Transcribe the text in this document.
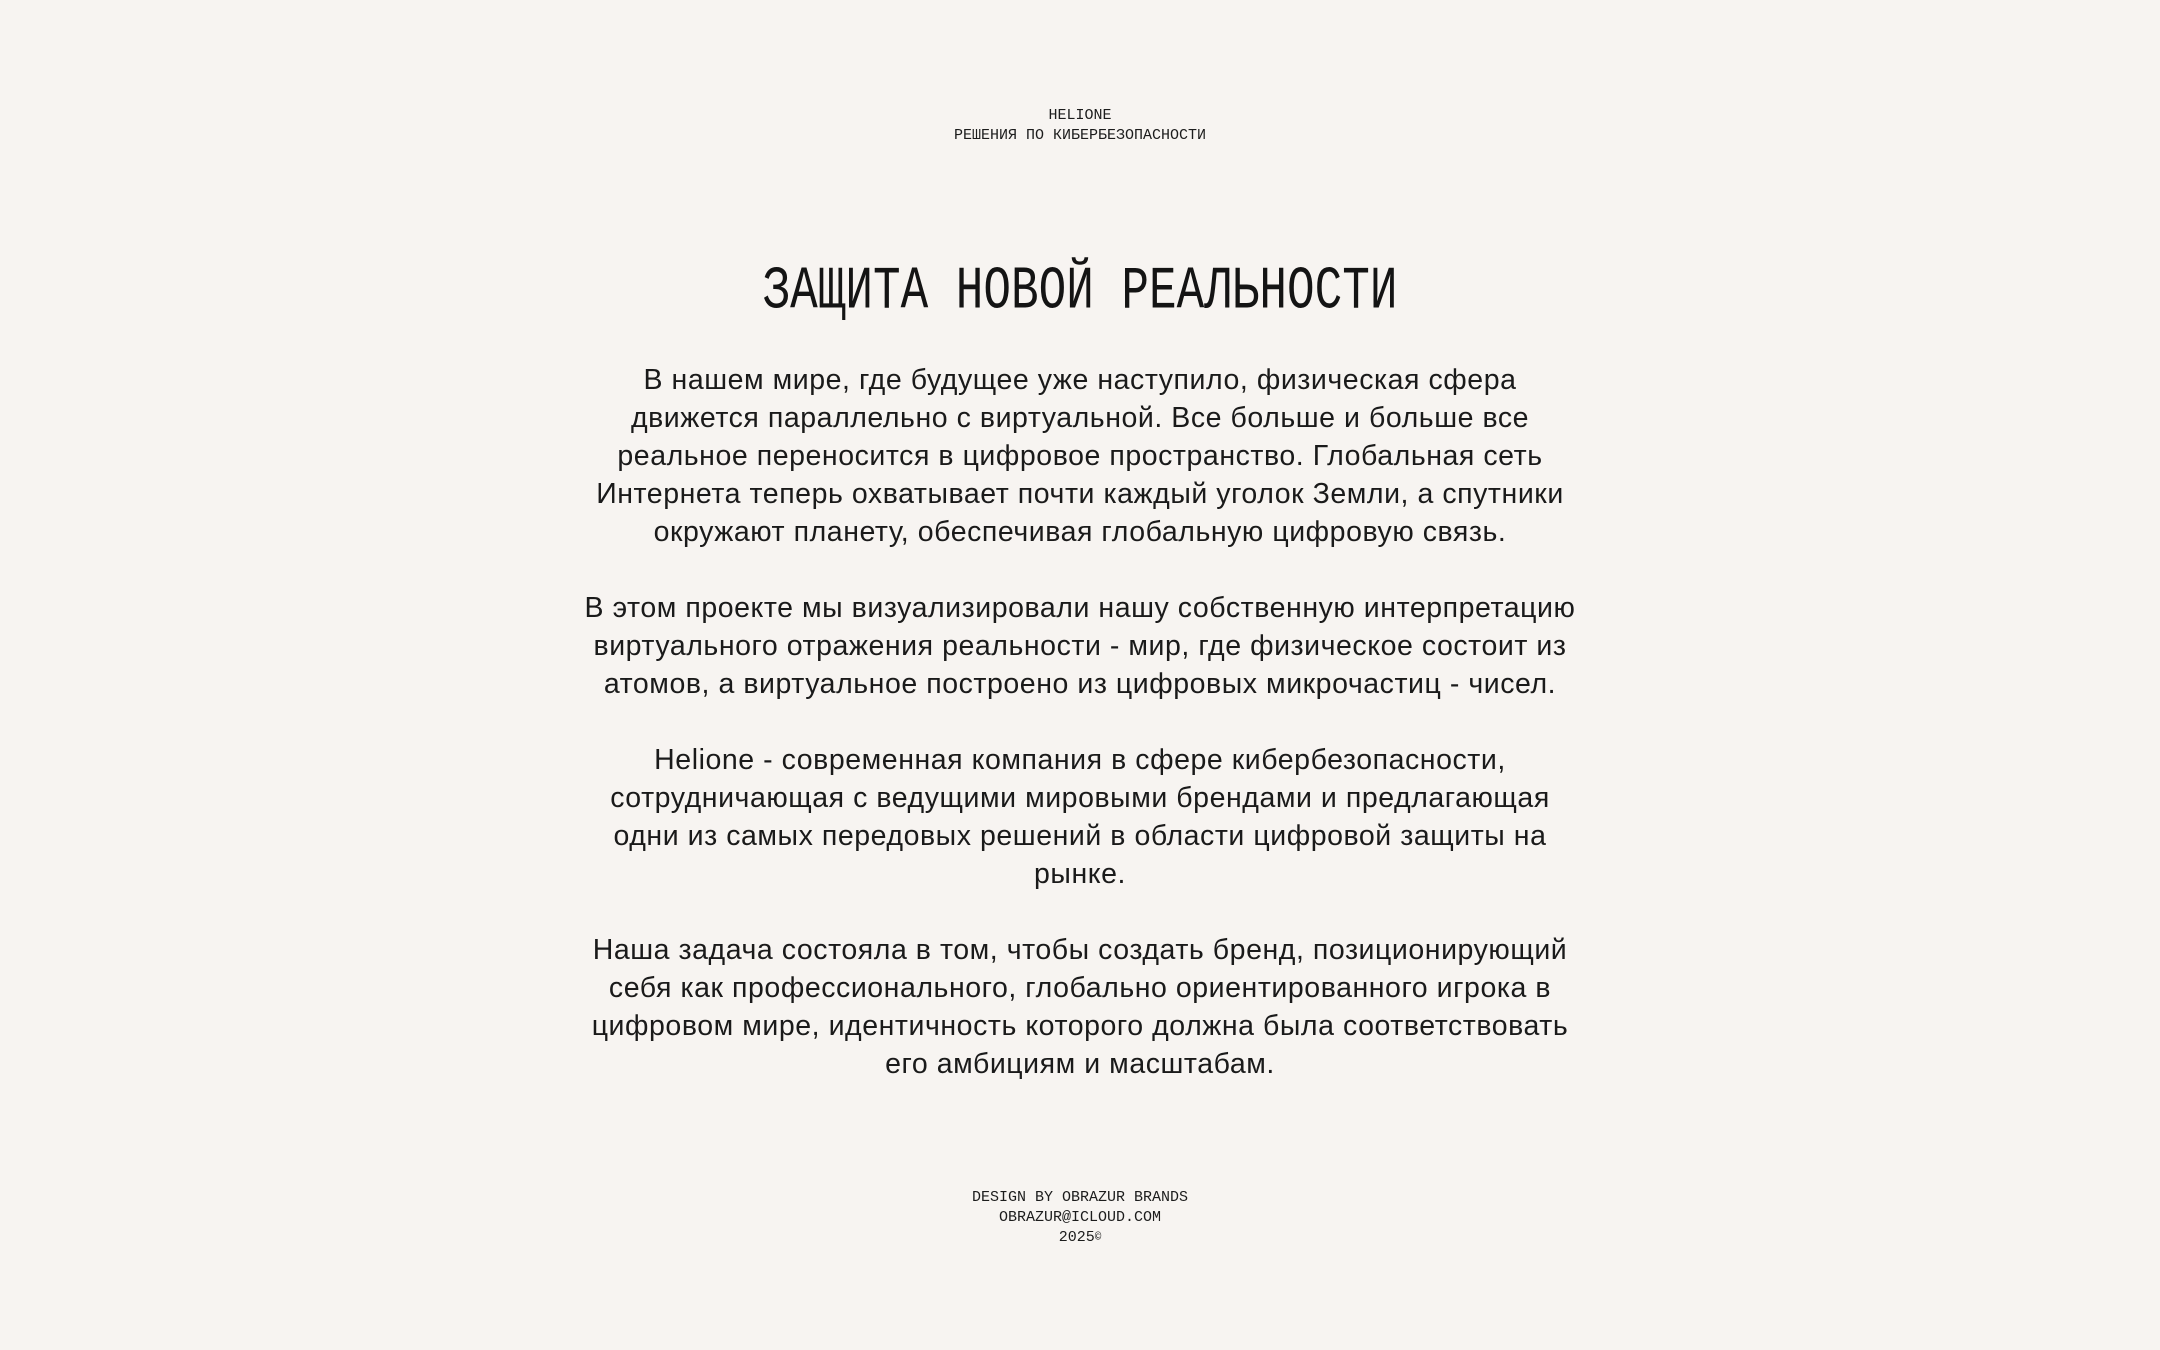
HELIONE
РЕШЕНИЯ ПО КИБЕРБЕЗОПАСНОСТИ
ЗАЩИТА НОВОЙ РЕАЛЬНОСТИ

В нашем мире, где будущее уже наступило, физическая сфера
движется параллельно с виртуальной. Все больше и больше все
реальное переносится в цифровое пространство. Глобальная сеть
Интернета теперь охватывает почти каждый уголок Земли, а спутники
окружают планету, обеспечивая глобальную цифровую связь.

В этом проекте мы визуализировали нашу собственную интерпретацию
виртуального отражения реальности - мир, где физическое состоит из
атомов, а виртуальное построено из цифровых микрочастиц - чисел.

Helione - современная компания в сфере кибербезопасности,
сотрудничающая с ведущими мировыми брендами и предлагающая
одни из самых передовых решений в области цифровой защиты на
рынке.

Наша задача состояла в том, чтобы создать бренд, позиционирующий
себя как профессионального, глобально ориентированного игрока в
цифровом мире, идентичность которого должна была соответствовать
его амбициям и масштабам.

DESIGN BY OBRAZUR BRANDS
OBRAZUR@ICLOUD.COM
2025©
